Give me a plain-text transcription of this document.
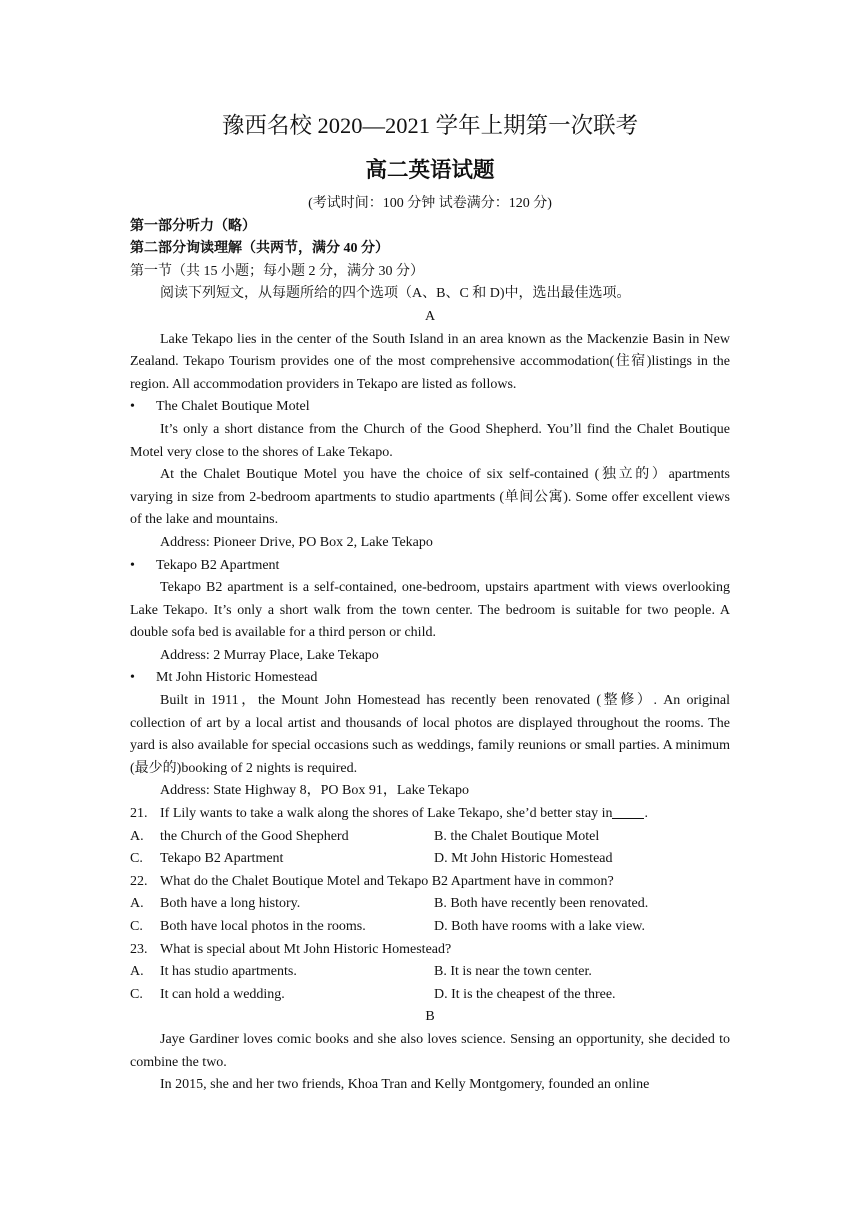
豫西名校 2020—2021 学年上期第一次联考
高二英语试题

(考试时间：100 分钟 试卷满分：120 分)

第一部分听力（略）

第二部分询读理解（共两节，满分 40 分）

第一节（共 15 小题；每小题 2 分，满分 30 分）

阅读下列短文，从每题所给的四个选项（A、B、C 和 D)中，选出最佳选项。

A

Lake Tekapo lies in the center of the South Island in an area known as the Mackenzie Basin in New Zealand. Tekapo Tourism provides one of the most comprehensive accommodation(住宿)listings in the region. All accommodation providers in Tekapo are listed as follows.

•	The Chalet Boutique Motel

It’s only a short distance from the Church of the Good Shepherd. You’ll find the Chalet Boutique Motel very close to the shores of Lake Tekapo.

At the Chalet Boutique Motel you have the choice of six self-contained (独立的）apartments varying in size from 2-bedroom apartments to studio apartments (单间公寓). Some offer excellent views of the lake and mountains.

Address: Pioneer Drive, PO Box 2, Lake Tekapo

•	Tekapo B2 Apartment

Tekapo B2 apartment is a self-contained, one-bedroom, upstairs apartment with views overlooking Lake Tekapo. It’s only a short walk from the town center. The bedroom is suitable for two people. A double sofa bed is available for a third person or child.

Address: 2 Murray Place, Lake Tekapo

•	Mt John Historic Homestead

Built in 1911，the Mount John Homestead has recently been renovated (整修）. An original collection of art by a local artist and thousands of local photos are displayed throughout the rooms. The yard is also available for special occasions such as weddings, family reunions or small parties. A minimum (最少的)booking of 2 nights is required.

Address: State Highway 8，PO Box 91，Lake Tekapo

21. If Lily wants to take a walk along the shores of Lake Tekapo, she’d better stay in .
A.	the Church of the Good Shepherd	B. the Chalet Boutique Motel
C.	Tekapo B2 Apartment	D. Mt John Historic Homestead
22. What do the Chalet Boutique Motel and Tekapo B2 Apartment have in common?
A.	Both have a long history.	B. Both have recently been renovated.
C.	Both have local photos in the rooms.	D. Both have rooms with a lake view.
23. What is special about Mt John Historic Homestead?
A.	It has studio apartments.	B. It is near the town center.
C.	It can hold a wedding.	D. It is the cheapest of the three.

B

Jaye Gardiner loves comic books and she also loves science. Sensing an opportunity, she decided to combine the two.

In 2015, she and her two friends, Khoa Tran and Kelly Montgomery, founded an online
